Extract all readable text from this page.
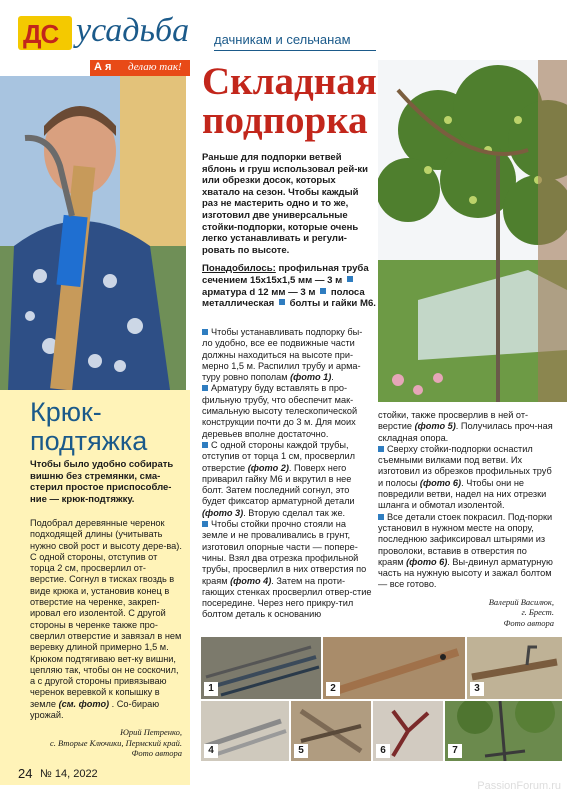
ДС усадьба дачникам и сельчанам
А я делаю так!
Крюк-подтяжка
Чтобы было удобно собирать вишню без стремянки, сма-стерил простое приспособле-ние — крюк-подтяжку.

Подобрал деревянные черенок подходящей длины (учитывать нужно свой рост и высоту дере-ва). С одной стороны, отступив от торца 2 см, просверлил от-верстие. Согнул в тисках гвоздь в виде крюка и, установив конец в отверстие на черенке, закреп-ировал его изолентой. С другой стороны в черенке также про-сверлил отверстие и завязал в нем веревку длиной примерно 1,5 м. Крюком подтягиваю вет-ку вишни, цепляю так, чтобы он не соскочил, а с другой стороны привязываю черенок веревкой к копышку в земле (см. фото) . Со-бираю урожай.

Юрий Петренко,
с. Вторые Ключики, Пермский край.
Фото автора
Складная
подпорка
Раньше для подпорки ветвей яблонь и груш использовал рей-ки или обрезки досок, которых хватало на сезон. Чтобы каждый раз не мастерить одно и то же, изготовил две универсальные стойки-подпорки, которые очень легко устанавливать и регули-ровать по высоте.
Понадобилось: профильная труба сечением 15х15х1,5 мм — 3 м  арматура d 12 мм — 3 м полоса металлическая болты и гайки М6.

Чтобы устанавливать подпорку бы-ло удобно, все ее подвижные части должны находиться на высоте при-мерно 1,5 м. Распилил трубу и арма-туру ровно пополам (фото 1).

Арматуру буду вставлять в про-фильную трубу, что обеспечит мак-симальную высоту телескопической конструкции почти до 3 м. Для моих деревьев вполне достаточно.

С одной стороны каждой трубы, отступив от торца 1 см, просверлил отверстие (фото 2). Поверх него приварил гайку М6 и вкрутил в нее болт. Затем последний согнул, это будет фиксатор арматурной детали (фото 3). Вторую сделал так же.

Чтобы стойки прочно стояли на земле и не проваливались в грунт, изготовил опорные части — попере-чины. Взял два отрезка профильной трубы, просверлил в них отверстия по краям (фото 4). Затем на проти-гающих стенках просверлил отвер-стие посередине. Через него прикру-тил болтом деталь к основанию

стойки, также просверлив в ней от-верстие (фото 5). Получилась проч-ная складная опора.

Сверху стойки-подпорки оснастил съемными вилками под ветви. Их изготовил из обрезков профильных труб и полосы (фото 6). Чтобы они не повредили ветви, надел на них отрезки шланга и обмотал изолентой.

Все детали стоек покрасил. Под-порки установил в нужном месте на опору, последнюю зафиксировал штырями из проволоки, вставив в отверстия по краям (фото 6). Вы-двинул арматурную часть на нужную высоту и зажал болтом — все готово.

Валерий Василюк,
г. Брест.
Фото автора
1	2	3
4	5	6	7
24 № 14, 2022
PassionForum.ru
